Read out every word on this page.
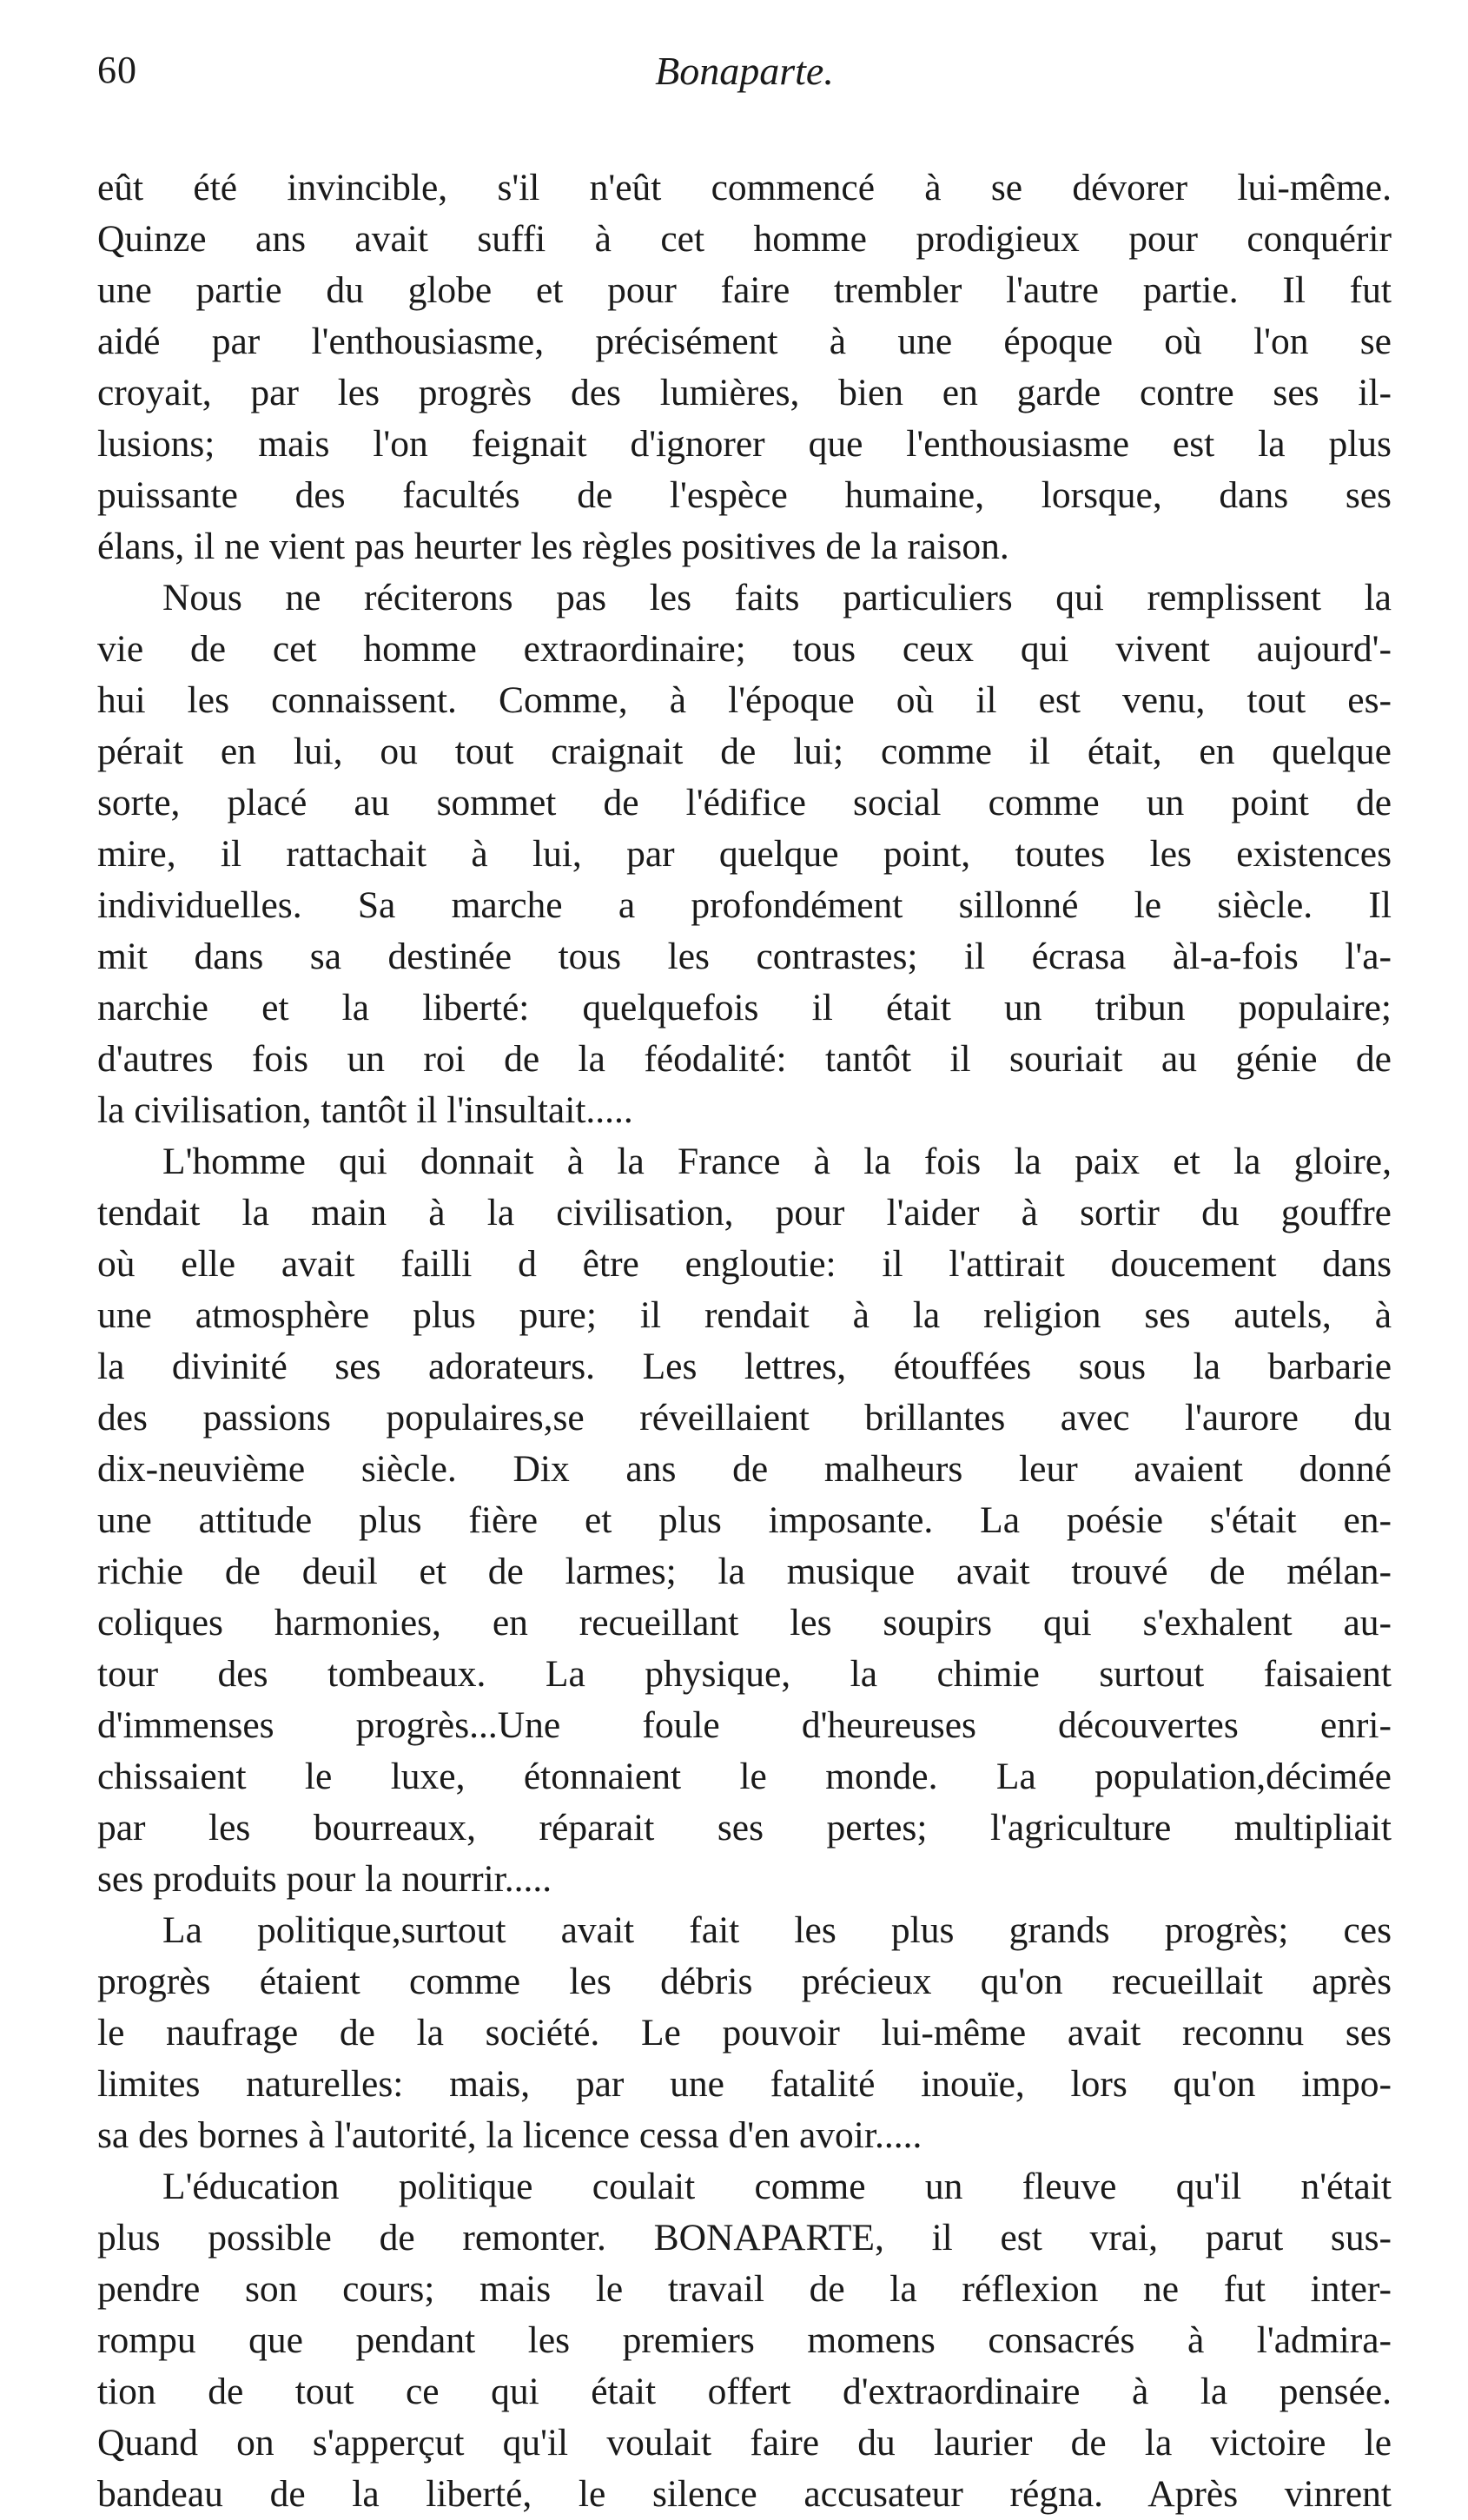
60	Bonaparte.
eût été invincible, s'il n'eût commencé à se dévorer lui-même.
Quinze ans avait suffi à cet homme prodigieux pour conquérir
une partie du globe et pour faire trembler l'autre partie. Il fut
aidé par l'enthousiasme, précisément à une époque où l'on se
croyait, par les progrès des lumières, bien en garde contre ses il-
lusions; mais l'on feignait d'ignorer que l'enthousiasme est la plus
puissante des facultés de l'espèce humaine, lorsque, dans ses
élans, il ne vient pas heurter les règles positives de la raison.
Nous ne réciterons pas les faits particuliers qui remplissent la
vie de cet homme extraordinaire; tous ceux qui vivent aujourd'-
hui les connaissent. Comme, à l'époque où il est venu, tout es-
pérait en lui, ou tout craignait de lui; comme il était, en quelque
sorte, placé au sommet de l'édifice social comme un point de
mire, il rattachait à lui, par quelque point, toutes les existences
individuelles. Sa marche a profondément sillonné le siècle. Il
mit dans sa destinée tous les contrastes; il écrasa àl-a-fois l'a-
narchie et la liberté: quelquefois il était un tribun populaire;
d'autres fois un roi de la féodalité: tantôt il souriait au génie de
la civilisation, tantôt il l'insultait.....
L'homme qui donnait à la France à la fois la paix et la gloire,
tendait la main à la civilisation, pour l'aider à sortir du gouffre
où elle avait failli d être engloutie: il l'attirait doucement dans
une atmosphère plus pure; il rendait à la religion ses autels, à
la divinité ses adorateurs. Les lettres, étouffées sous la barbarie
des passions populaires,se réveillaient brillantes avec l'aurore du
dix-neuvième siècle. Dix ans de malheurs leur avaient donné
une attitude plus fière et plus imposante. La poésie s'était en-
richie de deuil et de larmes; la musique avait trouvé de mélan-
coliques harmonies, en recueillant les soupirs qui s'exhalent au-
tour des tombeaux. La physique, la chimie surtout faisaient
d'immenses progrès...Une foule d'heureuses découvertes enri-
chissaient le luxe, étonnaient le monde. La population,décimée
par les bourreaux, réparait ses pertes; l'agriculture multipliait
ses produits pour la nourrir.....
La politique,surtout avait fait les plus grands progrès; ces
progrès étaient comme les débris précieux qu'on recueillait après
le naufrage de la société. Le pouvoir lui-même avait reconnu ses
limites naturelles: mais, par une fatalité inouïe, lors qu'on impo-
sa des bornes à l'autorité, la licence cessa d'en avoir.....
L'éducation politique coulait comme un fleuve qu'il n'était
plus possible de remonter. BONAPARTE, il est vrai, parut sus-
pendre son cours; mais le travail de la réflexion ne fut inter-
rompu que pendant les premiers momens consacrés à l'admira-
tion de tout ce qui était offert d'extraordinaire à la pensée.
Quand on s'apperçut qu'il voulait faire du laurier de la victoire le
bandeau de la liberté, le silence accusateur régna. Après vinrent
